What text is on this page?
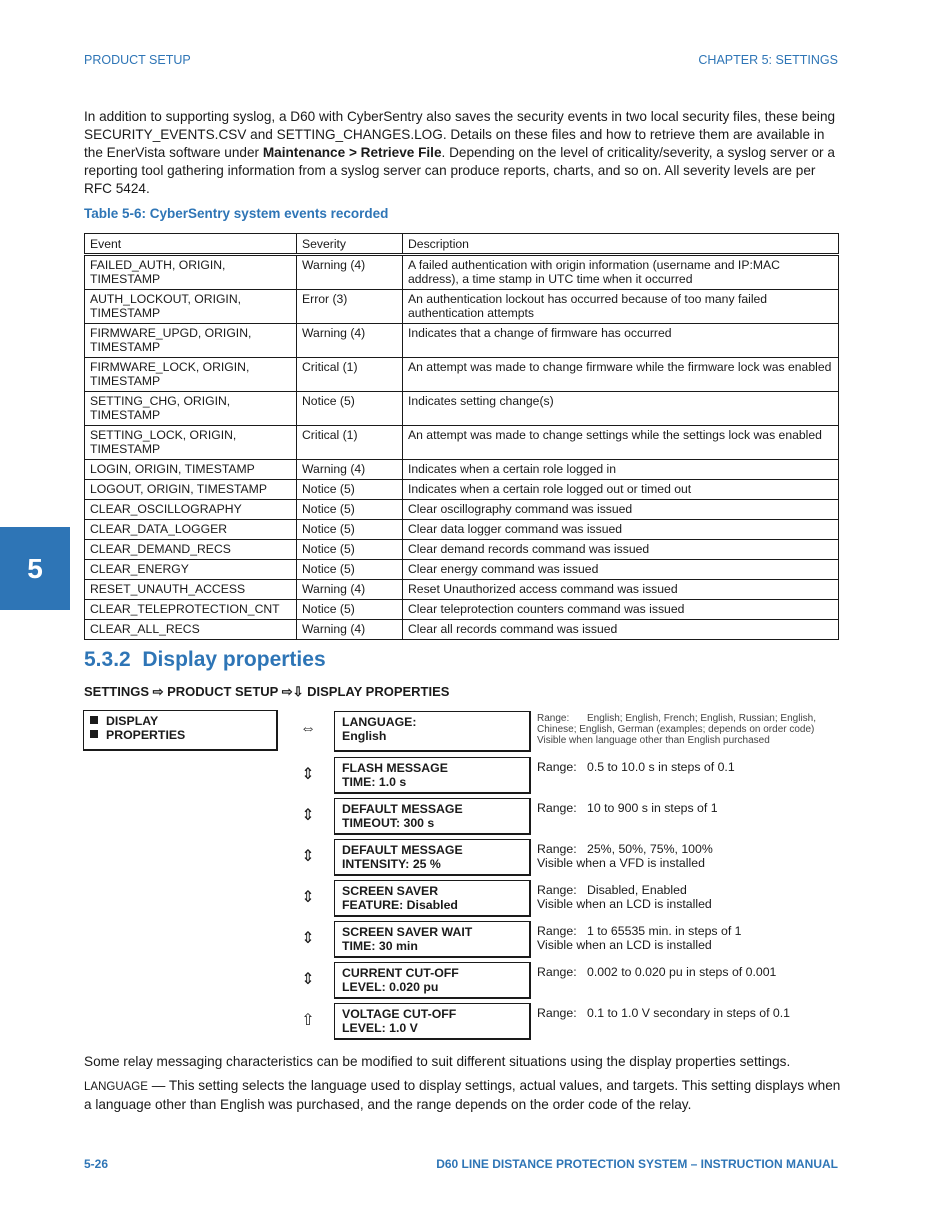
PRODUCT SETUP	CHAPTER 5: SETTINGS
In addition to supporting syslog, a D60 with CyberSentry also saves the security events in two local security files, these being SECURITY_EVENTS.CSV and SETTING_CHANGES.LOG. Details on these files and how to retrieve them are available in the EnerVista software under Maintenance > Retrieve File. Depending on the level of criticality/severity, a syslog server or a reporting tool gathering information from a syslog server can produce reports, charts, and so on. All severity levels are per RFC 5424.
Table 5-6: CyberSentry system events recorded
Event	Severity	Description
FAILED_AUTH, ORIGIN, TIMESTAMP	Warning (4)	A failed authentication with origin information (username and IP:MAC address), a time stamp in UTC time when it occurred
AUTH_LOCKOUT, ORIGIN, TIMESTAMP	Error (3)	An authentication lockout has occurred because of too many failed authentication attempts
FIRMWARE_UPGD, ORIGIN, TIMESTAMP	Warning (4)	Indicates that a change of firmware has occurred
FIRMWARE_LOCK, ORIGIN, TIMESTAMP	Critical (1)	An attempt was made to change firmware while the firmware lock was enabled
SETTING_CHG, ORIGIN, TIMESTAMP	Notice (5)	Indicates setting change(s)
SETTING_LOCK, ORIGIN, TIMESTAMP	Critical (1)	An attempt was made to change settings while the settings lock was enabled
LOGIN, ORIGIN, TIMESTAMP	Warning (4)	Indicates when a certain role logged in
LOGOUT, ORIGIN, TIMESTAMP	Notice (5)	Indicates when a certain role logged out or timed out
CLEAR_OSCILLOGRAPHY	Notice (5)	Clear oscillography command was issued
CLEAR_DATA_LOGGER	Notice (5)	Clear data logger command was issued
CLEAR_DEMAND_RECS	Notice (5)	Clear demand records command was issued
CLEAR_ENERGY	Notice (5)	Clear energy command was issued
RESET_UNAUTH_ACCESS	Warning (4)	Reset Unauthorized access command was issued
CLEAR_TELEPROTECTION_CNT	Notice (5)	Clear teleprotection counters command was issued
CLEAR_ALL_RECS	Warning (4)	Clear all records command was issued
5
5.3.2 Display properties
SETTINGS ⇨ PRODUCT SETUP ⇨⇩ DISPLAY PROPERTIES
DISPLAY
PROPERTIES	⇔	LANGUAGE:
English
Range: English; English, French; English, Russian; English, Chinese; English, German (examples; depends on order code)
Visible when language other than English purchased
⇕	FLASH MESSAGE
TIME: 1.0 s
Range: 0.5 to 10.0 s in steps of 0.1
⇕	DEFAULT MESSAGE
TIMEOUT: 300 s
Range: 10 to 900 s in steps of 1
⇕	DEFAULT MESSAGE
INTENSITY: 25 %
Range: 25%, 50%, 75%, 100%
Visible when a VFD is installed
⇕	SCREEN SAVER
FEATURE: Disabled
Range: Disabled, Enabled
Visible when an LCD is installed
⇕	SCREEN SAVER WAIT
TIME: 30 min
Range: 1 to 65535 min. in steps of 1
Visible when an LCD is installed
⇕	CURRENT CUT-OFF
LEVEL: 0.020 pu
Range: 0.002 to 0.020 pu in steps of 0.001
⇧	VOLTAGE CUT-OFF
LEVEL: 1.0 V
Range: 0.1 to 1.0 V secondary in steps of 0.1
Some relay messaging characteristics can be modified to suit different situations using the display properties settings.
LANGUAGE — This setting selects the language used to display settings, actual values, and targets. This setting displays when a language other than English was purchased, and the range depends on the order code of the relay.
5-26	D60 LINE DISTANCE PROTECTION SYSTEM – INSTRUCTION MANUAL
